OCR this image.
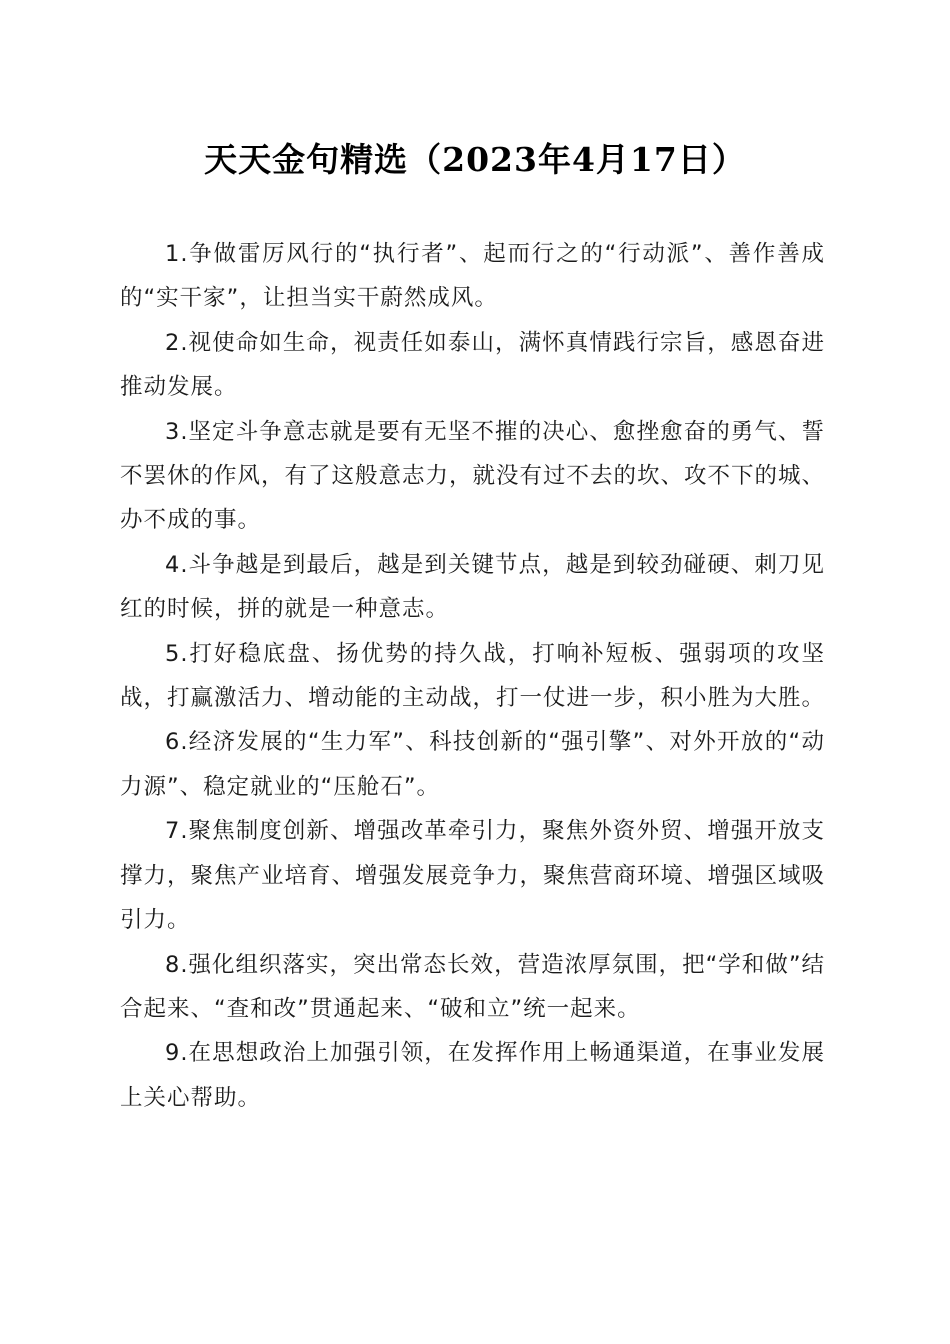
天天金句精选（2023年4月17日）

1.争做雷厉风行的“执行者”、起而行之的“行动派”、善作善成的“实干家”，让担当实干蔚然成风。

2.视使命如生命，视责任如泰山，满怀真情践行宗旨，感恩奋进推动发展。

3.坚定斗争意志就是要有无坚不摧的决心、愈挫愈奋的勇气、誓不罢休的作风，有了这般意志力，就没有过不去的坎、攻不下的城、办不成的事。

4.斗争越是到最后，越是到关键节点，越是到较劲碰硬、刺刀见红的时候，拼的就是一种意志。

5.打好稳底盘、扬优势的持久战，打响补短板、强弱项的攻坚战，打赢激活力、增动能的主动战，打一仗进一步，积小胜为大胜。

6.经济发展的“生力军”、科技创新的“强引擎”、对外开放的“动力源”、稳定就业的“压舱石”。

7.聚焦制度创新、增强改革牵引力，聚焦外资外贸、增强开放支撑力，聚焦产业培育、增强发展竞争力，聚焦营商环境、增强区域吸引力。

8.强化组织落实，突出常态长效，营造浓厚氛围，把“学和做”结合起来、“查和改”贯通起来、“破和立”统一起来。

9.在思想政治上加强引领，在发挥作用上畅通渠道，在事业发展上关心帮助。
